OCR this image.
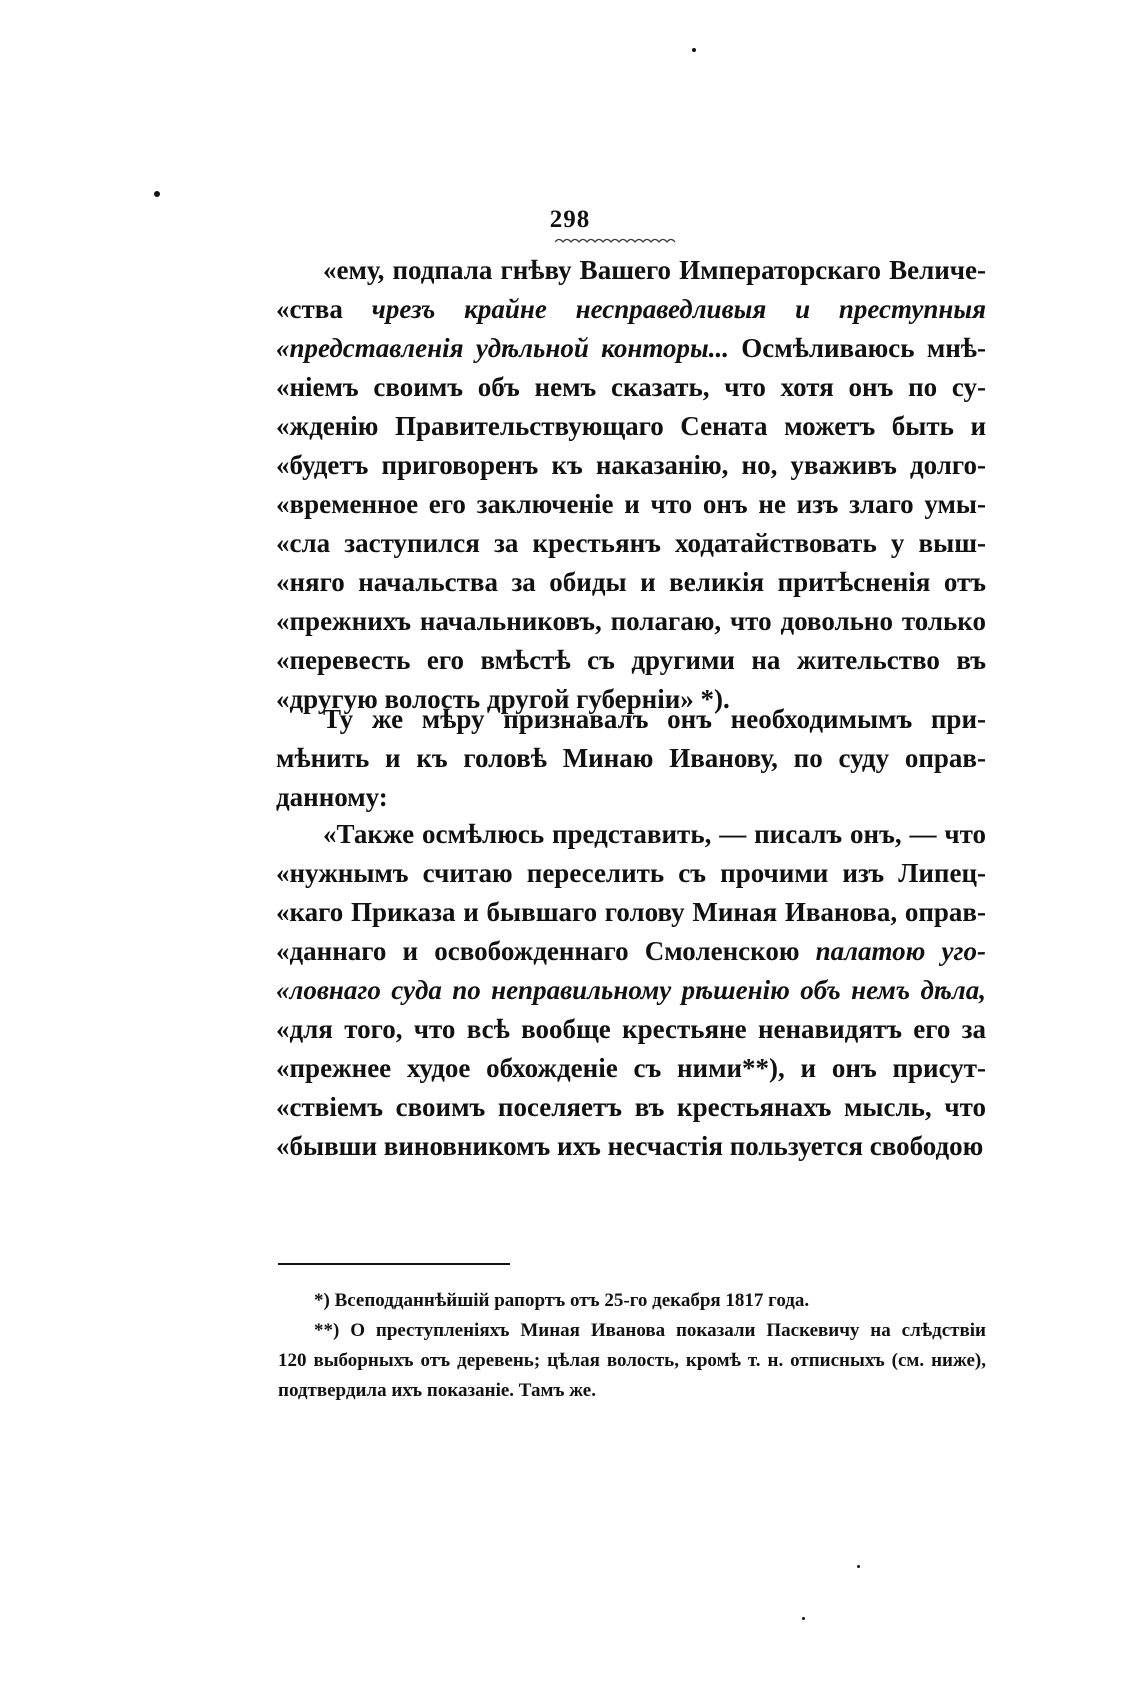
298
«ему, подпала гнѣву Вашего Императорскаго Величе-
«ства чрезъ крайне несправедливыя и преступныя
«представленія удѣльной конторы... Осмѣливаюсь мнѣ-
«ніемъ своимъ объ немъ сказать, что хотя онъ по су-
«жденію Правительствующаго Сената можетъ быть и
«будетъ приговоренъ къ наказанію, но, уваживъ долго-
«временное его заключеніе и что онъ не изъ злаго умы-
«сла заступился за крестьянъ ходатайствовать у выш-
«няго начальства за обиды и великія притѣсненія отъ
«прежнихъ начальниковъ, полагаю, что довольно только
«перевесть его вмѣстѣ съ другими на жительство въ
«другую волость другой губерніи» *).
Ту же мѣру признавалъ онъ необходимымъ при-
мѣнить и къ головѣ Минаю Иванову, по суду оправ-
данному:
«Также осмѣлюсь представить, — писалъ онъ, — что
«нужнымъ считаю переселить съ прочими изъ Липец-
«каго Приказа и бывшаго голову Миная Иванова, оправ-
«даннаго и освобожденнаго Смоленскою палатою уго-
«ловнаго суда по неправильному рѣшенію объ немъ дѣла,
«для того, что всѣ вообще крестьяне ненавидятъ его за
«прежнее худое обхожденіе съ ними**), и онъ присут-
«ствіемъ своимъ поселяетъ въ крестьянахъ мысль, что
«бывши виновникомъ ихъ несчастія пользуется свободою
*) Всеподданнѣйшій рапортъ отъ 25-го декабря 1817 года.
**) О преступленіяхъ Миная Иванова показали Паскевичу на слѣдствіи
120 выборныхъ отъ деревень; цѣлая волость, кромѣ т. н. отписныхъ (см. ниже),
подтвердила ихъ показаніе. Тамъ же.
